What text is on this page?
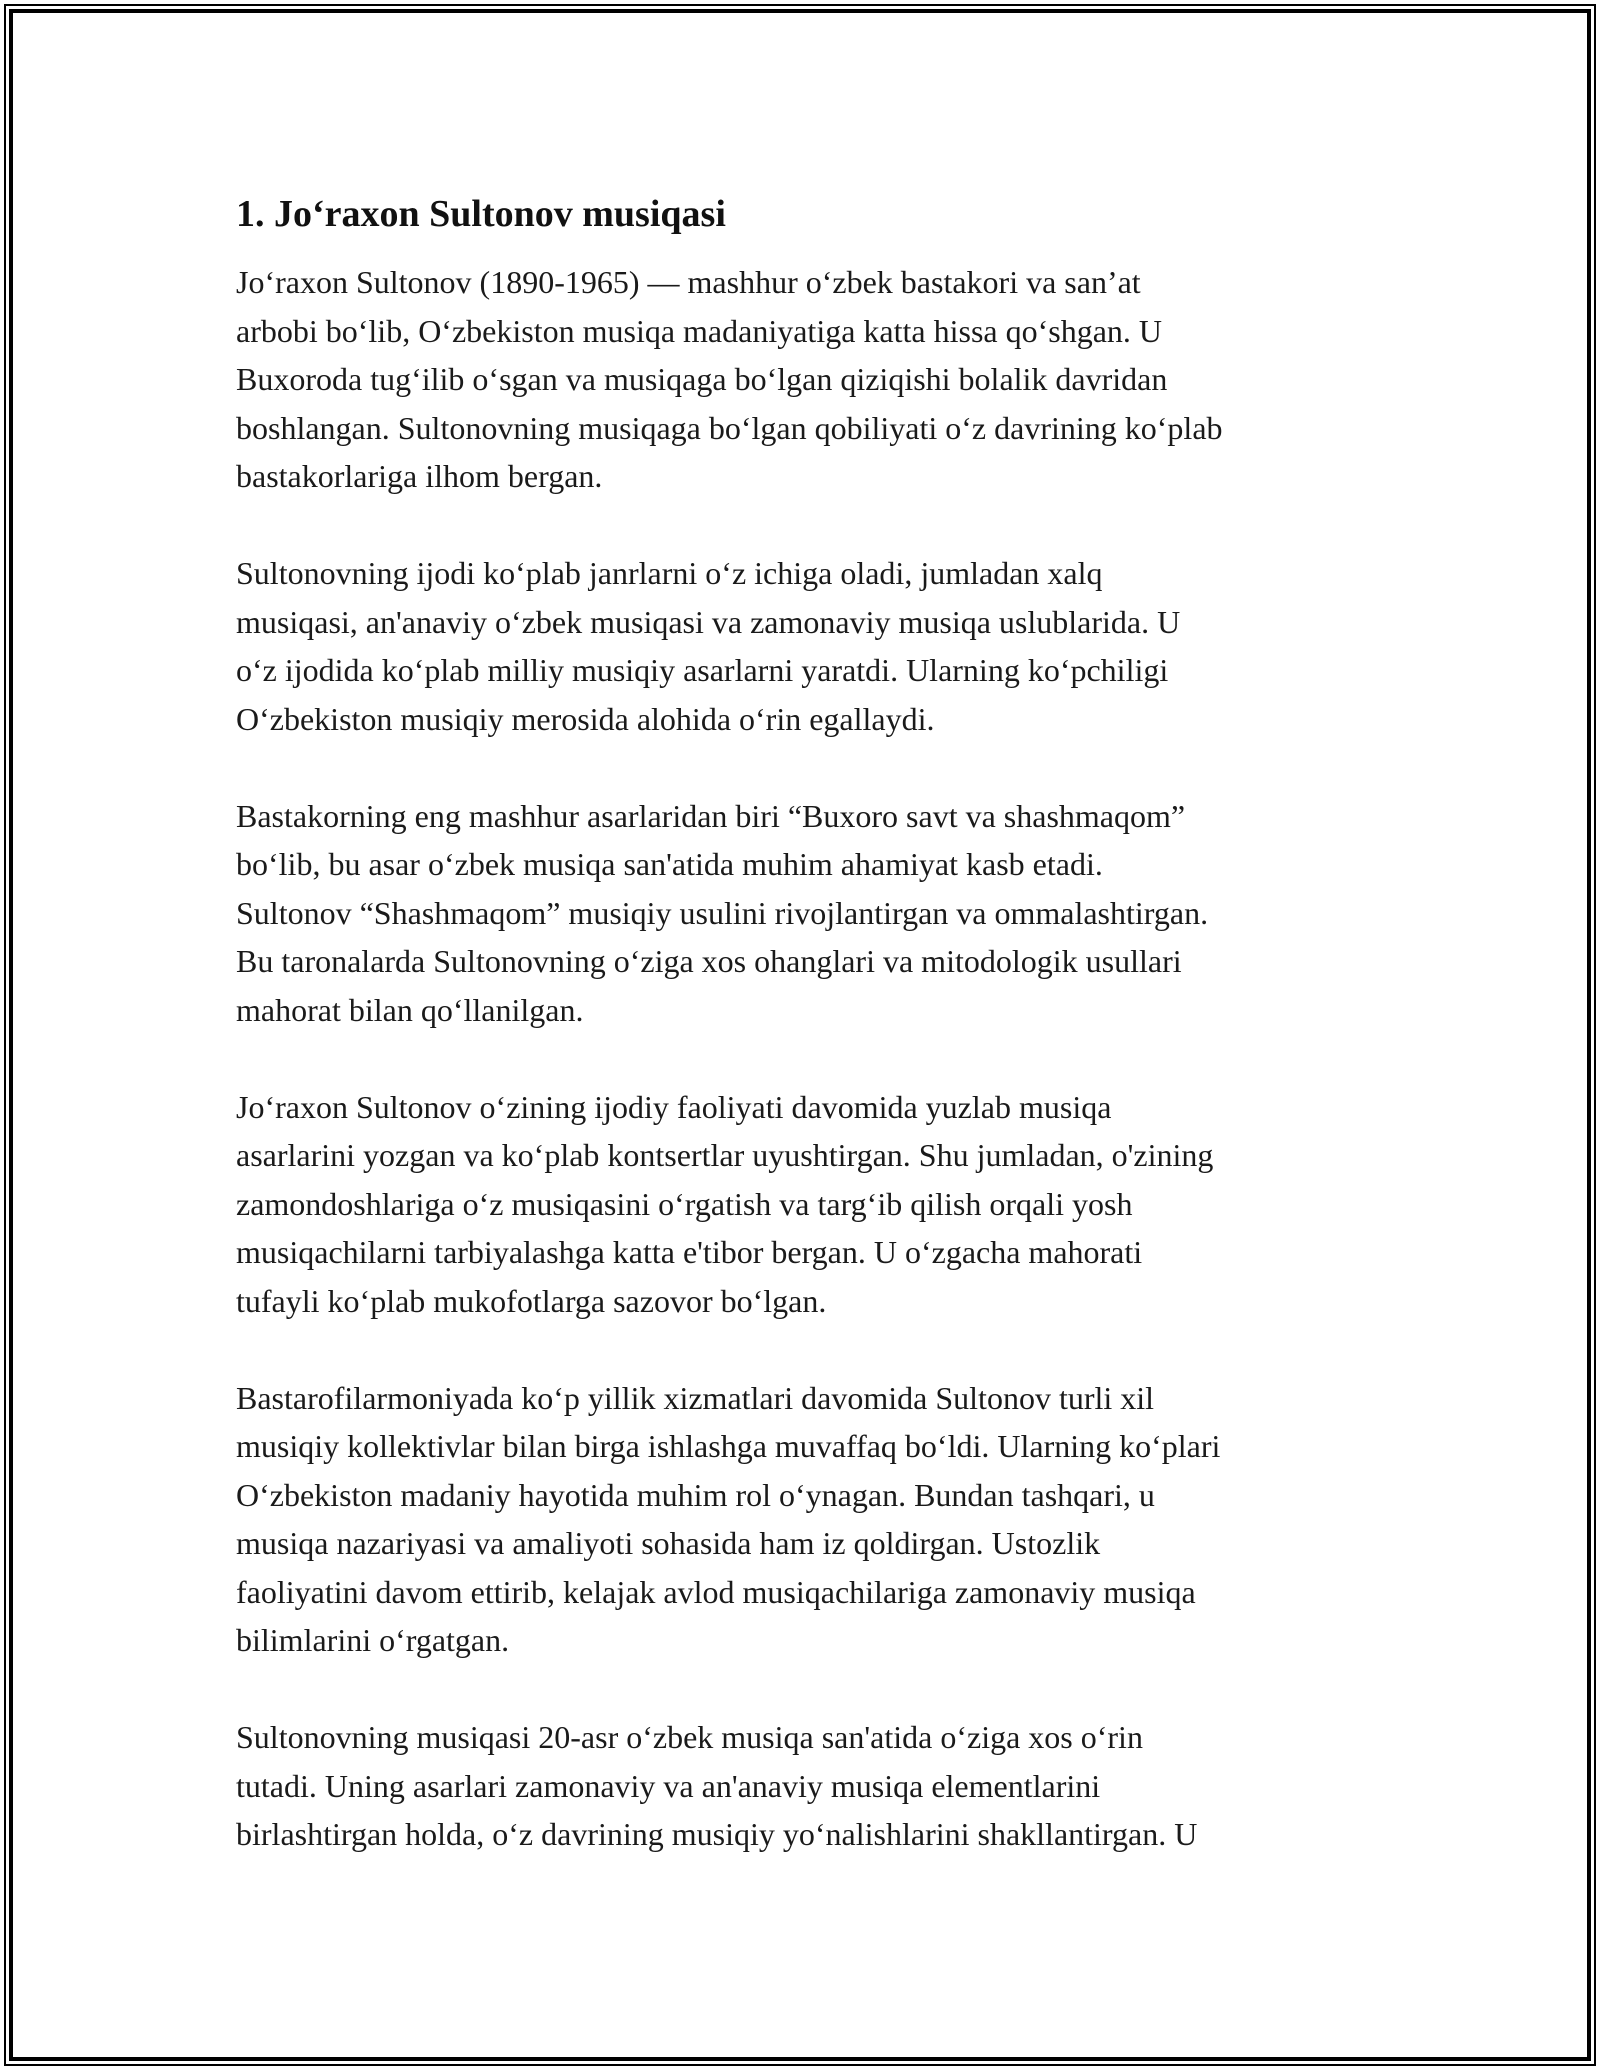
1. Jo‘raxon Sultonov musiqasi

Jo‘raxon Sultonov (1890-1965) — mashhur o‘zbek bastakori va san’at
arbobi bo‘lib, O‘zbekiston musiqa madaniyatiga katta hissa qo‘shgan. U
Buxoroda tug‘ilib o‘sgan va musiqaga bo‘lgan qiziqishi bolalik davridan
boshlangan. Sultonovning musiqaga bo‘lgan qobiliyati o‘z davrining ko‘plab
bastakorlariga ilhom bergan.

Sultonovning ijodi ko‘plab janrlarni o‘z ichiga oladi, jumladan xalq
musiqasi, an'anaviy o‘zbek musiqasi va zamonaviy musiqa uslublarida. U
o‘z ijodida ko‘plab milliy musiqiy asarlarni yaratdi. Ularning ko‘pchiligi
O‘zbekiston musiqiy merosida alohida o‘rin egallaydi.

Bastakorning eng mashhur asarlaridan biri “Buxoro savt va shashmaqom”
bo‘lib, bu asar o‘zbek musiqa san'atida muhim ahamiyat kasb etadi.
Sultonov “Shashmaqom” musiqiy usulini rivojlantirgan va ommalashtirgan.
Bu taronalarda Sultonovning o‘ziga xos ohanglari va mitodologik usullari
mahorat bilan qo‘llanilgan.

Jo‘raxon Sultonov o‘zining ijodiy faoliyati davomida yuzlab musiqa
asarlarini yozgan va ko‘plab kontsertlar uyushtirgan. Shu jumladan, o'zining
zamondoshlariga o‘z musiqasini o‘rgatish va targ‘ib qilish orqali yosh
musiqachilarni tarbiyalashga katta e'tibor bergan. U o‘zgacha mahorati
tufayli ko‘plab mukofotlarga sazovor bo‘lgan.

Bastarofilarmoniyada ko‘p yillik xizmatlari davomida Sultonov turli xil
musiqiy kollektivlar bilan birga ishlashga muvaffaq bo‘ldi. Ularning ko‘plari
O‘zbekiston madaniy hayotida muhim rol o‘ynagan. Bundan tashqari, u
musiqa nazariyasi va amaliyoti sohasida ham iz qoldirgan. Ustozlik
faoliyatini davom ettirib, kelajak avlod musiqachilariga zamonaviy musiqa
bilimlarini o‘rgatgan.

Sultonovning musiqasi 20-asr o‘zbek musiqa san'atida o‘ziga xos o‘rin
tutadi. Uning asarlari zamonaviy va an'anaviy musiqa elementlarini
birlashtirgan holda, o‘z davrining musiqiy yo‘nalishlarini shakllantirgan. U
